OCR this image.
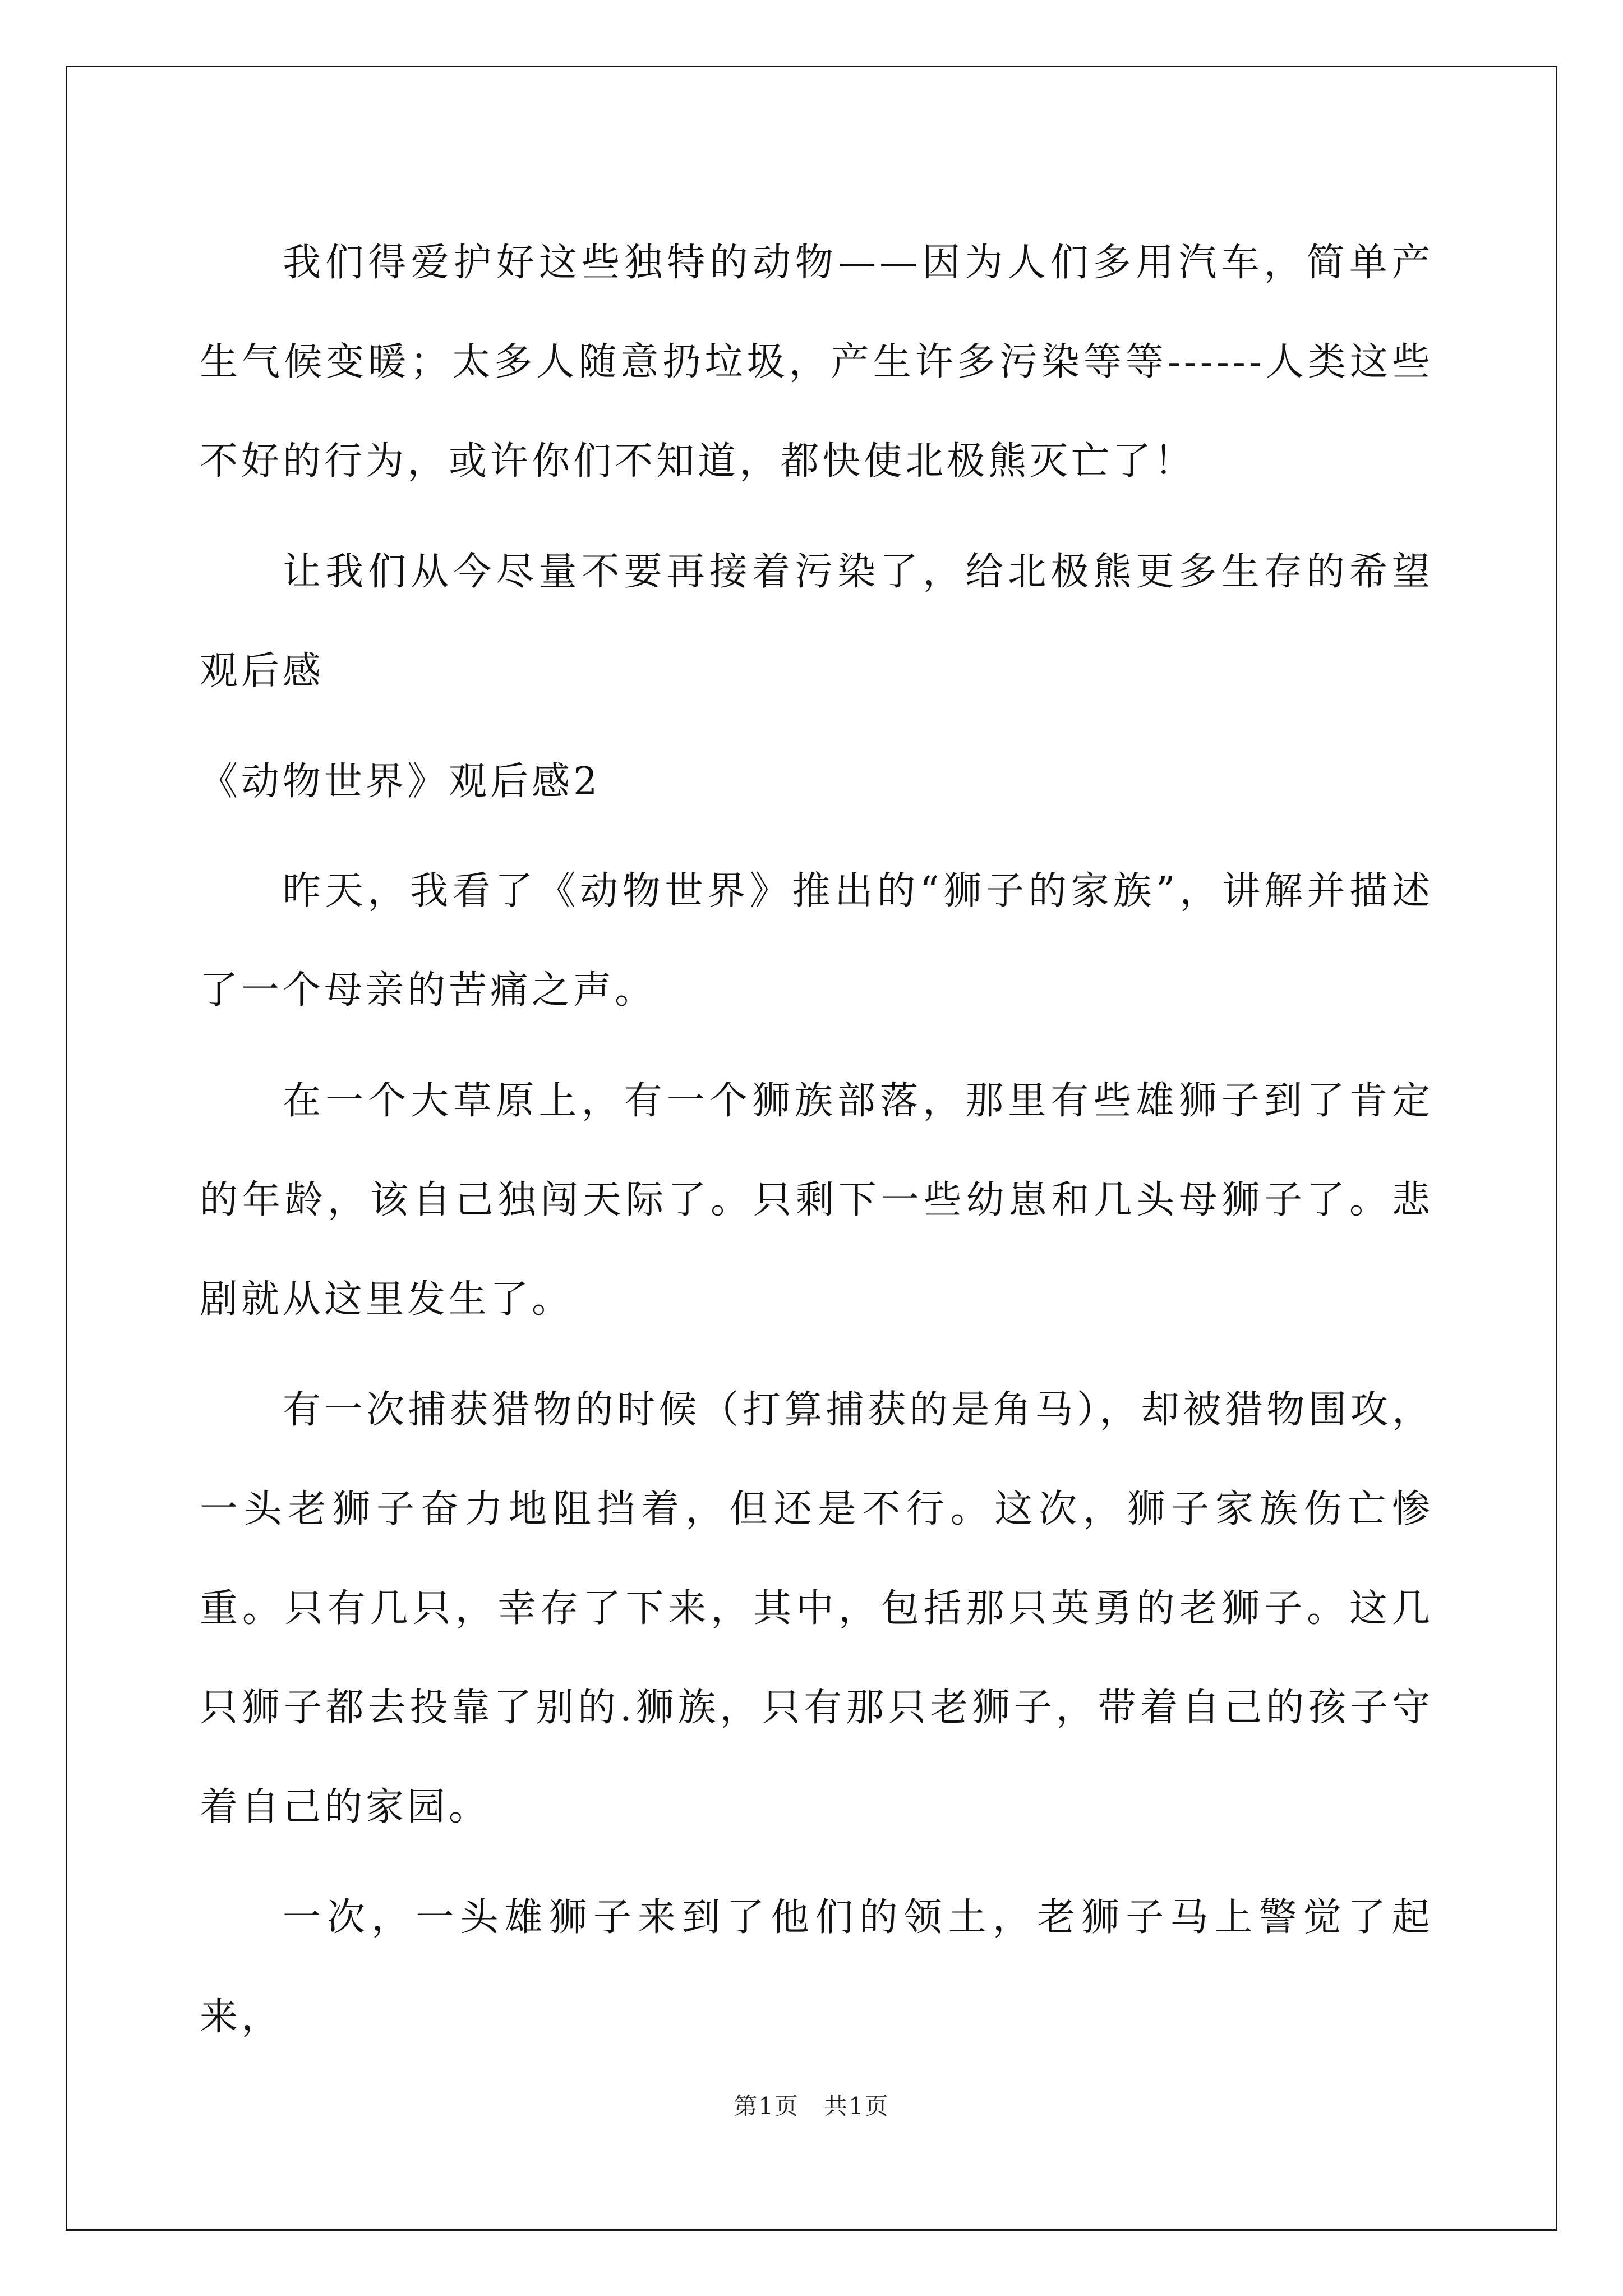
我们得爱护好这些独特的动物——因为人们多用汽车，简单产生气候变暖；太多人随意扔垃圾，产生许多污染等等------人类这些不好的行为，或许你们不知道，都快使北极熊灭亡了！

让我们从今尽量不要再接着污染了，给北极熊更多生存的希望观后感

《动物世界》观后感2

昨天，我看了《动物世界》推出的“狮子的家族”，讲解并描述了一个母亲的苦痛之声。

在一个大草原上，有一个狮族部落，那里有些雄狮子到了肯定的年龄，该自己独闯天际了。只剩下一些幼崽和几头母狮子了。悲剧就从这里发生了。

有一次捕获猎物的时候（打算捕获的是角马），却被猎物围攻，一头老狮子奋力地阻挡着，但还是不行。这次，狮子家族伤亡惨重。只有几只，幸存了下来，其中，包括那只英勇的老狮子。这几只狮子都去投靠了别的.狮族，只有那只老狮子，带着自己的孩子守着自己的家园。

一次，一头雄狮子来到了他们的领土，老狮子马上警觉了起来，

第1页　共1页
